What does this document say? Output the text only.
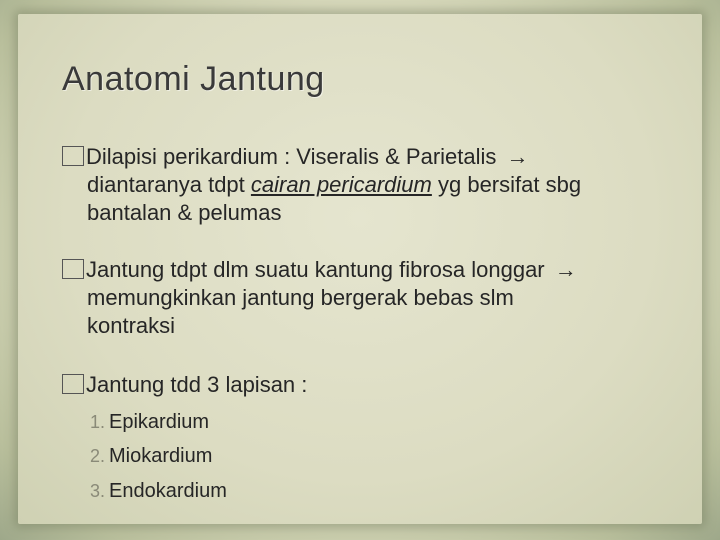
Anatomi Jantung
Dilapisi perikardium : Viseralis & Parietalis →
diantaranya tdpt cairan pericardium yg bersifat sbg
bantalan & pelumas
Jantung tdpt dlm suatu kantung fibrosa longgar →
memungkinkan jantung bergerak bebas slm
kontraksi
Jantung tdd 3 lapisan :
1. Epikardium
2. Miokardium
3. Endokardium
